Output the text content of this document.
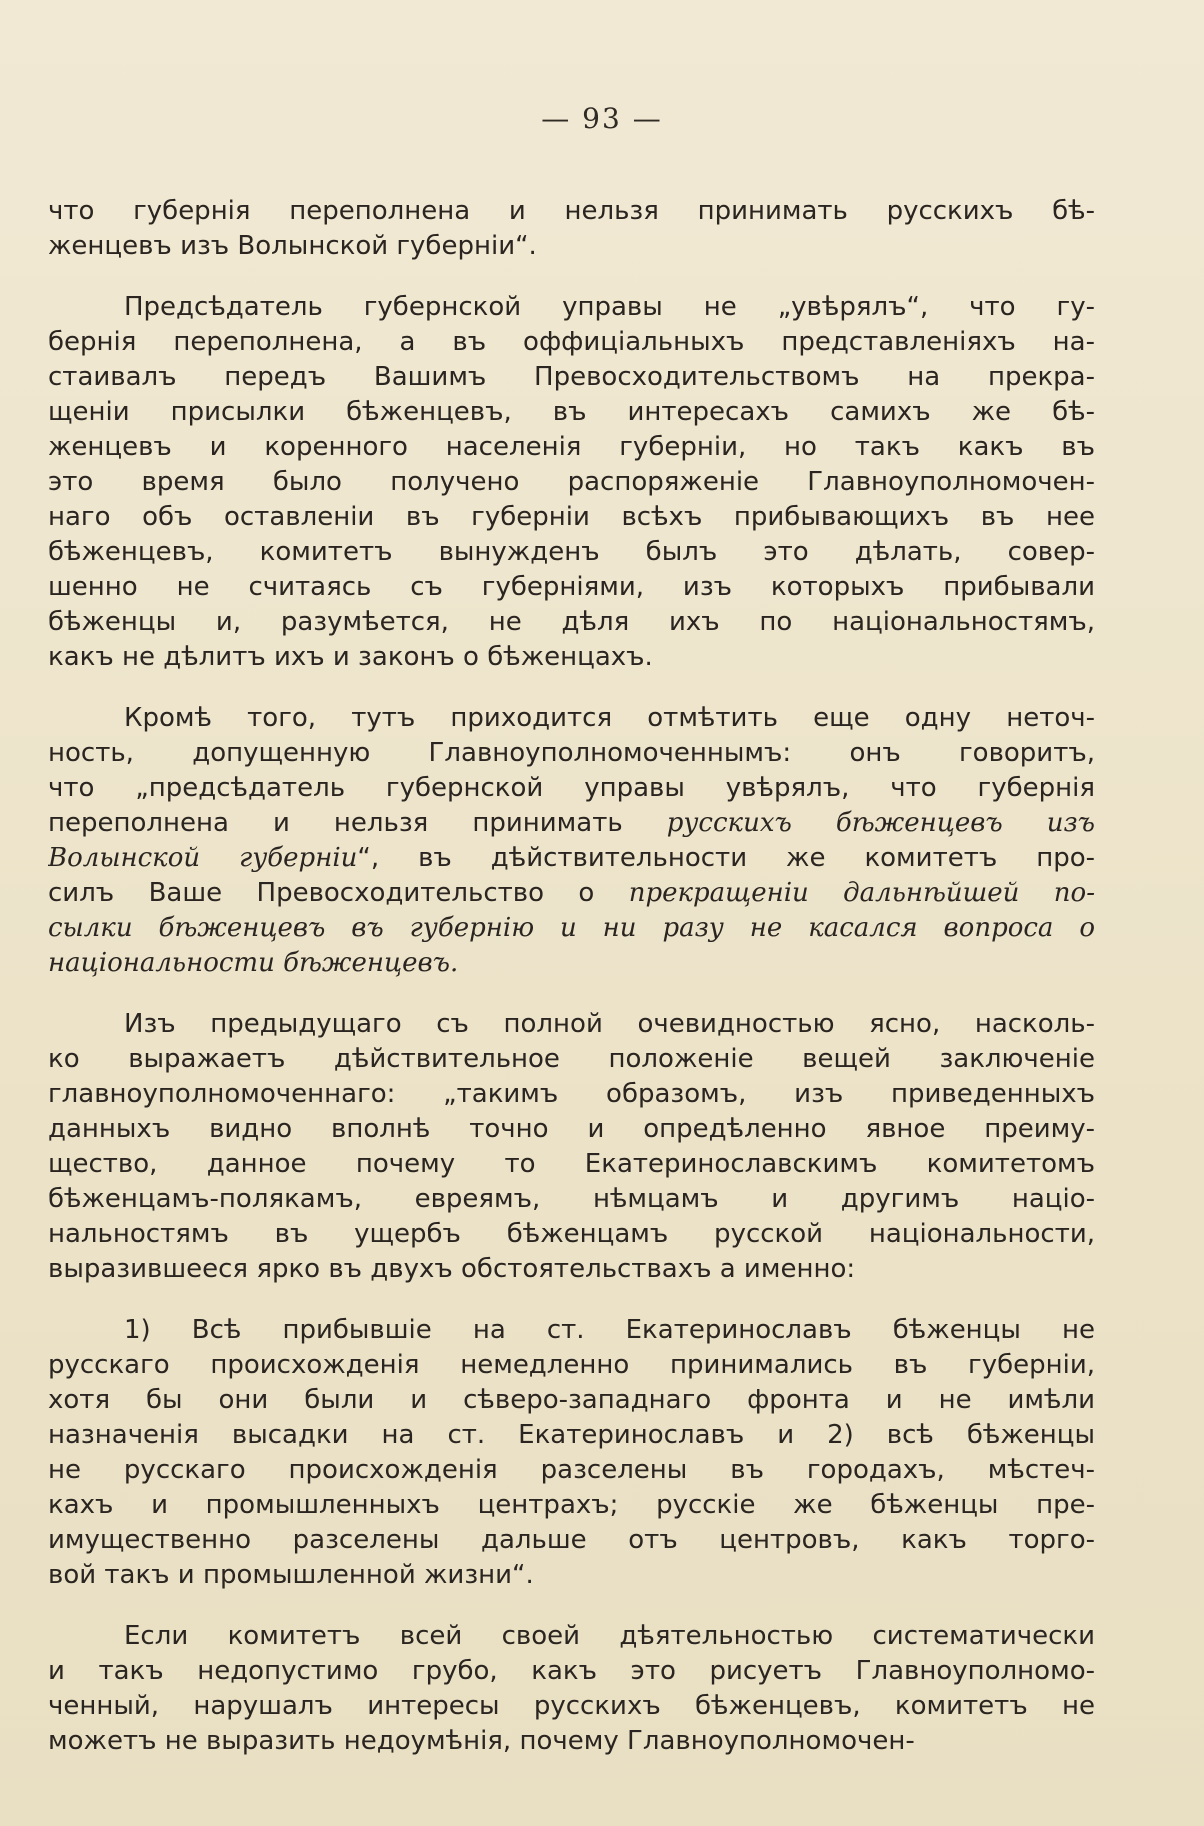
— 93 —
что губернія переполнена и нельзя принимать русскихъ бѣ-
женцевъ изъ Волынской губерніи“.
Предсѣдатель губернской управы не „увѣрялъ“, что гу-
бернія переполнена, а въ оффиціальныхъ представленіяхъ на-
стаивалъ передъ Вашимъ Превосходительствомъ на прекра-
щеніи присылки бѣженцевъ, въ интересахъ самихъ же бѣ-
женцевъ и коренного населенія губерніи, но такъ какъ въ
это время было получено распоряженіе Главноуполномочен-
наго объ оставленіи въ губерніи всѣхъ прибывающихъ въ нее
бѣженцевъ, комитетъ вынужденъ былъ это дѣлать, совер-
шенно не считаясь съ губерніями, изъ которыхъ прибывали
бѣженцы и, разумѣется, не дѣля ихъ по національностямъ,
какъ не дѣлитъ ихъ и законъ о бѣженцахъ.
Кромѣ того, тутъ приходится отмѣтить еще одну неточ-
ность, допущенную Главноуполномоченнымъ: онъ говоритъ,
что „предсѣдатель губернской управы увѣрялъ, что губернія
переполнена и нельзя принимать русскихъ бѣженцевъ изъ
Волынской губерніи“, въ дѣйствительности же комитетъ про-
силъ Ваше Превосходительство о прекращеніи дальнѣйшей по-
сылки бѣженцевъ въ губернію и ни разу не касался вопроса о
національности бѣженцевъ.
Изъ предыдущаго съ полной очевидностью ясно, насколь-
ко выражаетъ дѣйствительное положеніе вещей заключеніе
главноуполномоченнаго: „такимъ образомъ, изъ приведенныхъ
данныхъ видно вполнѣ точно и опредѣленно явное преиму-
щество, данное почему то Екатеринославскимъ комитетомъ
бѣженцамъ-полякамъ, евреямъ, нѣмцамъ и другимъ націо-
нальностямъ въ ущербъ бѣженцамъ русской національности,
выразившееся ярко въ двухъ обстоятельствахъ а именно:
1) Всѣ прибывшіе на ст. Екатеринославъ бѣженцы не
русскаго происхожденія немедленно принимались въ губерніи,
хотя бы они были и сѣверо-западнаго фронта и не имѣли
назначенія высадки на ст. Екатеринославъ и 2) всѣ бѣженцы
не русскаго происхожденія разселены въ городахъ, мѣстеч-
кахъ и промышленныхъ центрахъ; русскіе же бѣженцы пре-
имущественно разселены дальше отъ центровъ, какъ торго-
вой такъ и промышленной жизни“.
Если комитетъ всей своей дѣятельностью систематически
и такъ недопустимо грубо, какъ это рисуетъ Главноуполномо-
ченный, нарушалъ интересы русскихъ бѣженцевъ, комитетъ не
можетъ не выразить недоумѣнія, почему Главноуполномочен-
